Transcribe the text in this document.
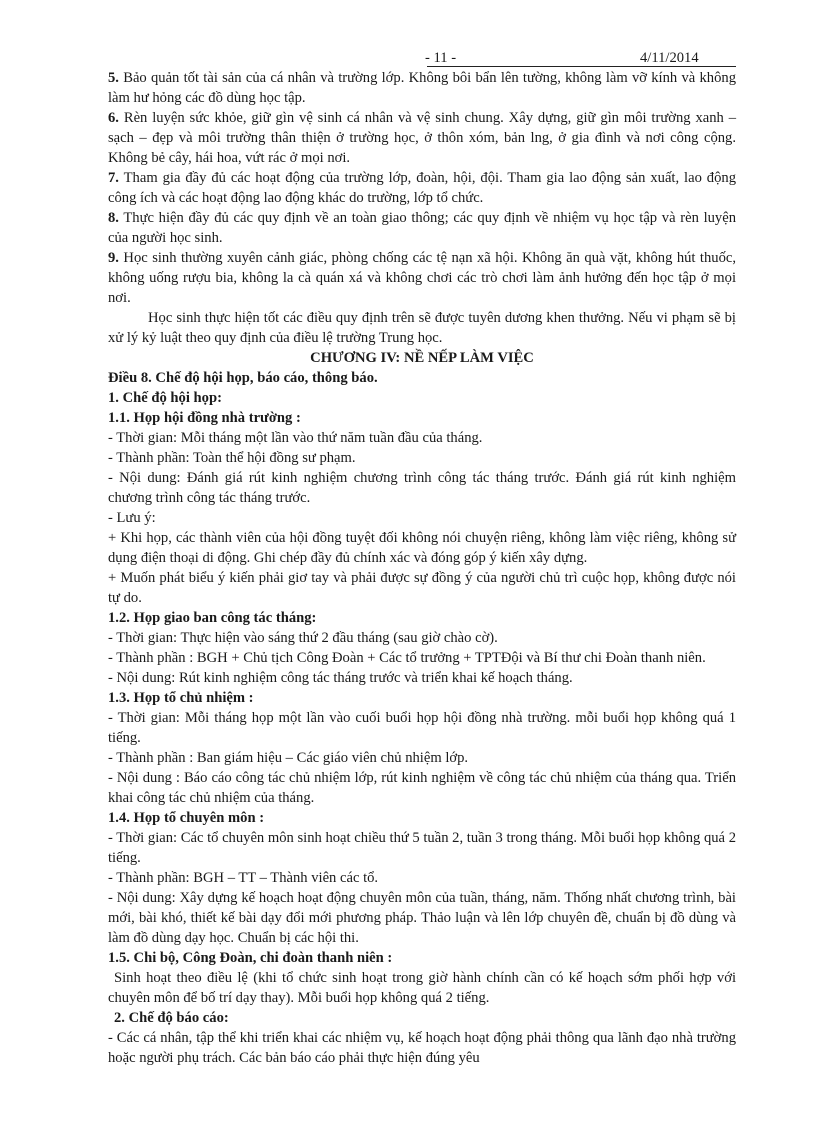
- 11 -	4/11/2014

5. Bảo quản tốt tài sản của cá nhân và trường lớp. Không bôi bẩn lên tường, không làm vỡ kính và không làm hư hỏng các đồ dùng học tập.

6. Rèn luyện sức khỏe, giữ gìn vệ sinh cá nhân và vệ sinh chung. Xây dựng, giữ gìn môi trường xanh – sạch – đẹp và môi trường thân thiện ở trường học, ở thôn xóm, bản lng, ở gia đình và nơi công cộng. Không bẻ cây, hái hoa, vứt rác ở mọi nơi.

7. Tham gia đầy đủ các hoạt động của trường lớp, đoàn, hội, đội. Tham gia lao động sản xuất, lao động công ích và các hoạt động lao động khác do trường, lớp tổ chức.

8. Thực hiện đầy đủ các quy định về an toàn giao thông; các quy định về nhiệm vụ học tập và rèn luyện của người học sinh.

9. Học sinh thường xuyên cảnh giác, phòng chống các tệ nạn xã hội. Không ăn quà vặt, không hút thuốc, không uống rượu bia, không la cà quán xá và không chơi các trò chơi làm ảnh hưởng đến học tập ở mọi nơi.

Học sinh thực hiện tốt các điều quy định trên sẽ được tuyên dương khen thưởng. Nếu vi phạm sẽ bị xử lý kỷ luật theo quy định của điều lệ trường Trung học.

CHƯƠNG IV: NỀ NẾP LÀM VIỆC

Điều 8. Chế độ hội họp, báo cáo, thông báo.

1. Chế độ hội họp:

1.1. Họp hội đồng nhà trường :

- Thời gian: Mỗi tháng một lần vào thứ năm tuần đầu của tháng.

- Thành phần: Toàn thể hội đồng sư phạm.

- Nội dung: Đánh giá rút kinh nghiệm chương trình công tác tháng trước. Đánh giá rút kinh nghiệm chương trình công tác tháng trước.

- Lưu ý:

+ Khi họp, các thành viên của hội đồng tuyệt đối không nói chuyện riêng, không làm việc riêng, không sử dụng điện thoại di động. Ghi chép đầy đủ chính xác và đóng góp ý kiến xây dựng.

+ Muốn phát biểu ý kiến phải giơ tay và phải được sự đồng ý của người chủ trì cuộc họp, không được nói tự do.

1.2. Họp giao ban công tác tháng:

- Thời gian: Thực hiện vào sáng thứ 2 đầu tháng (sau giờ chào cờ).

- Thành phần : BGH + Chủ tịch Công Đoàn + Các tổ trưởng + TPTĐội và Bí thư chi Đoàn thanh niên.

- Nội dung: Rút kinh nghiệm công tác tháng trước và triển khai kế hoạch tháng.

1.3. Họp tổ chủ nhiệm :

- Thời gian: Mỗi tháng họp một lần vào cuối buổi họp hội đồng nhà trường. mỗi buổi họp không quá 1 tiếng.

- Thành phần : Ban giám hiệu – Các giáo viên chủ nhiệm lớp.

- Nội dung : Báo cáo công tác chủ nhiệm lớp, rút kinh nghiệm về công tác chủ nhiệm của tháng qua. Triển khai công tác chủ nhiệm của tháng.

1.4. Họp tổ chuyên môn :

- Thời gian: Các tổ chuyên môn sinh hoạt chiều thứ 5 tuần 2, tuần 3 trong tháng. Mỗi buổi họp không quá 2 tiếng.

- Thành phần: BGH – TT – Thành viên các tổ.

- Nội dung: Xây dựng kế hoạch hoạt động chuyên môn của tuần, tháng, năm. Thống nhất chương trình, bài mới, bài khó, thiết kế bài dạy đổi mới phương pháp. Thảo luận và lên lớp chuyên đề, chuẩn bị đồ dùng và làm đồ dùng dạy học. Chuẩn bị các hội thi.

1.5. Chi bộ, Công Đoàn, chi đoàn thanh niên :

Sinh hoạt theo điều lệ (khi tổ chức sinh hoạt trong giờ hành chính cần có kế hoạch sớm phối hợp với chuyên môn để bố trí dạy thay). Mỗi buổi họp không quá 2 tiếng.

2. Chế độ báo cáo:

- Các cá nhân, tập thể khi triển khai các nhiệm vụ, kế hoạch hoạt động phải thông qua lãnh đạo nhà trường hoặc người phụ trách. Các bản báo cáo phải thực hiện đúng yêu
